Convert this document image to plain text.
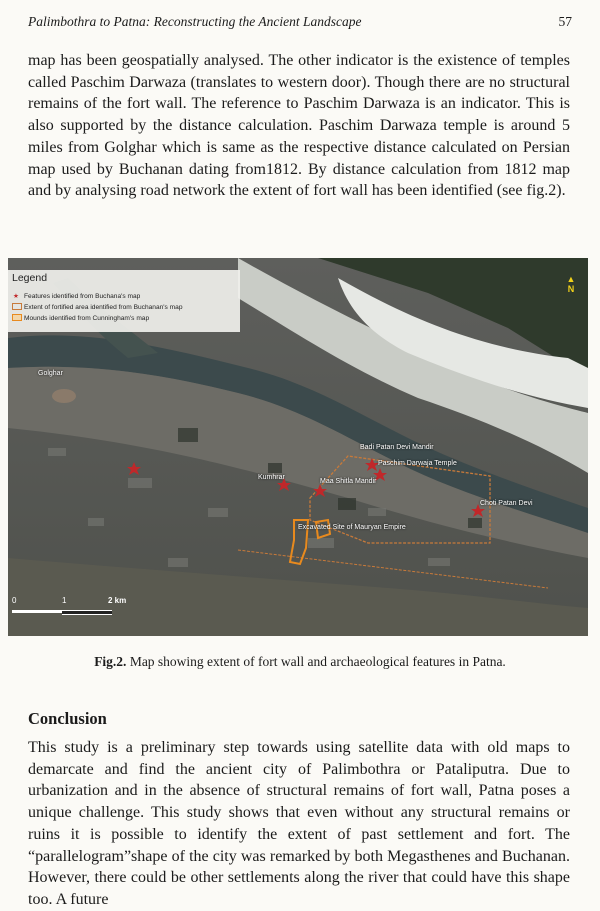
Palimbothra to Patna: Reconstructing the Ancient Landscape	57

map has been geospatially analysed. The other indicator is the existence of temples called Paschim Darwaza (translates to western door). Though there are no structural remains of the fort wall. The reference to Paschim Darwaza is an indicator. This is also supported by the distance calculation. Paschim Darwaza temple is around 5 miles from Golghar which is same as the respective distance calculated on Persian map used by Buchanan dating from1812. By distance calculation from 1812 map and by analysing road network the extent of fort wall has been identified (see fig.2).

Legend
★ Features identified from Buchana's map
Extent of fortified area identified from Buchanan's map
Mounds identified from Cunningham's map
▲
N
Golghar
Badi Patan Devi Mandir
Paschim Darwaja Temple
Kumhrar
Maa Shitla Mandir
Choti Patan Devi
Excavated Site of Mauryan Empire
0	1	2 km
Fig.2. Map showing extent of fort wall and archaeological features in Patna.
Conclusion

This study is a preliminary step towards using satellite data with old maps to demarcate and find the ancient city of Palimbothra or Pataliputra. Due to urbanization and in the absence of structural remains of fort wall, Patna poses a unique challenge. This study shows that even without any structural remains or ruins it is possible to identify the extent of past settlement and fort. The “parallelogram”shape of the city was remarked by both Megasthenes and Buchanan. However, there could be other settlements along the river that could have this shape too. A future
